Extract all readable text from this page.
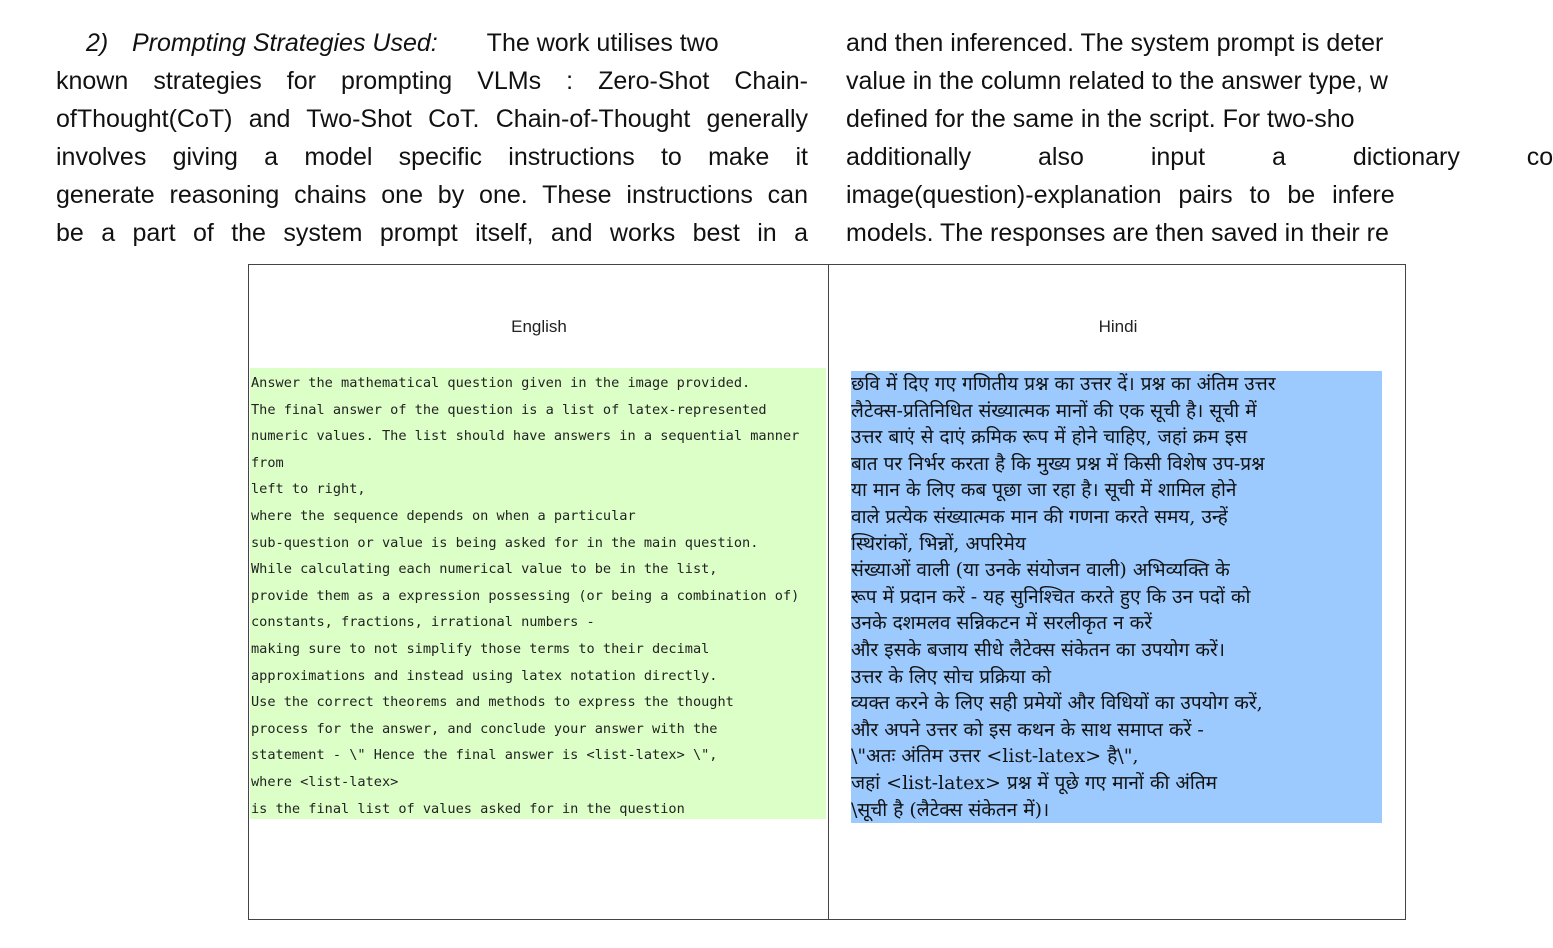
2) Prompting Strategies Used:The work utilises two
known strategies for prompting VLMs : Zero-Shot Chain-
ofThought(CoT) and Two-Shot CoT. Chain-of-Thought generally
involves giving a model specific instructions to make it
generate reasoning chains one by one. These instructions can
be a part of the system prompt itself, and works best in a
and then inferenced. The system prompt is deter
value in the column related to the answer type, w
defined for the same in the script. For two-sho
additionally also input a dictionary co
image(question)-explanation pairs to be infere
models. The responses are then saved in their re
English	Hindi
Answer the mathematical question given in the image provided.
The final answer of the question is a list of latex-represented
numeric values. The list should have answers in a sequential manner
from
left to right,
where the sequence depends on when a particular
sub-question or value is being asked for in the main question.
While calculating each numerical value to be in the list,
provide them as a expression possessing (or being a combination of)
constants, fractions, irrational numbers -
making sure to not simplify those terms to their decimal
approximations and instead using latex notation directly.
Use the correct theorems and methods to express the thought
process for the answer, and conclude your answer with the
statement - \" Hence the final answer is <list-latex> \",
where <list-latex>
is the final list of values asked for in the question
छवि में दिए गए गणितीय प्रश्न का उत्तर दें। प्रश्न का अंतिम उत्तर
लैटेक्स-प्रतिनिधित संख्यात्मक मानों की एक सूची है। सूची में
उत्तर बाएं से दाएं क्रमिक रूप में होने चाहिए, जहां क्रम इस
बात पर निर्भर करता है कि मुख्य प्रश्न में किसी विशेष उप-प्रश्न
या मान के लिए कब पूछा जा रहा है। सूची में शामिल होने
वाले प्रत्येक संख्यात्मक मान की गणना करते समय, उन्हें
स्थिरांकों, भिन्नों, अपरिमेय
संख्याओं वाली (या उनके संयोजन वाली) अभिव्यक्ति के
रूप में प्रदान करें - यह सुनिश्चित करते हुए कि उन पदों को
उनके दशमलव सन्निकटन में सरलीकृत न करें
और इसके बजाय सीधे लैटेक्स संकेतन का उपयोग करें।
उत्तर के लिए सोच प्रक्रिया को
व्यक्त करने के लिए सही प्रमेयों और विधियों का उपयोग करें,
और अपने उत्तर को इस कथन के साथ समाप्त करें -
\"अतः अंतिम उत्तर <list-latex> है\",
जहां <list-latex> प्रश्न में पूछे गए मानों की अंतिम
\सूची है (लैटेक्स संकेतन में)।
